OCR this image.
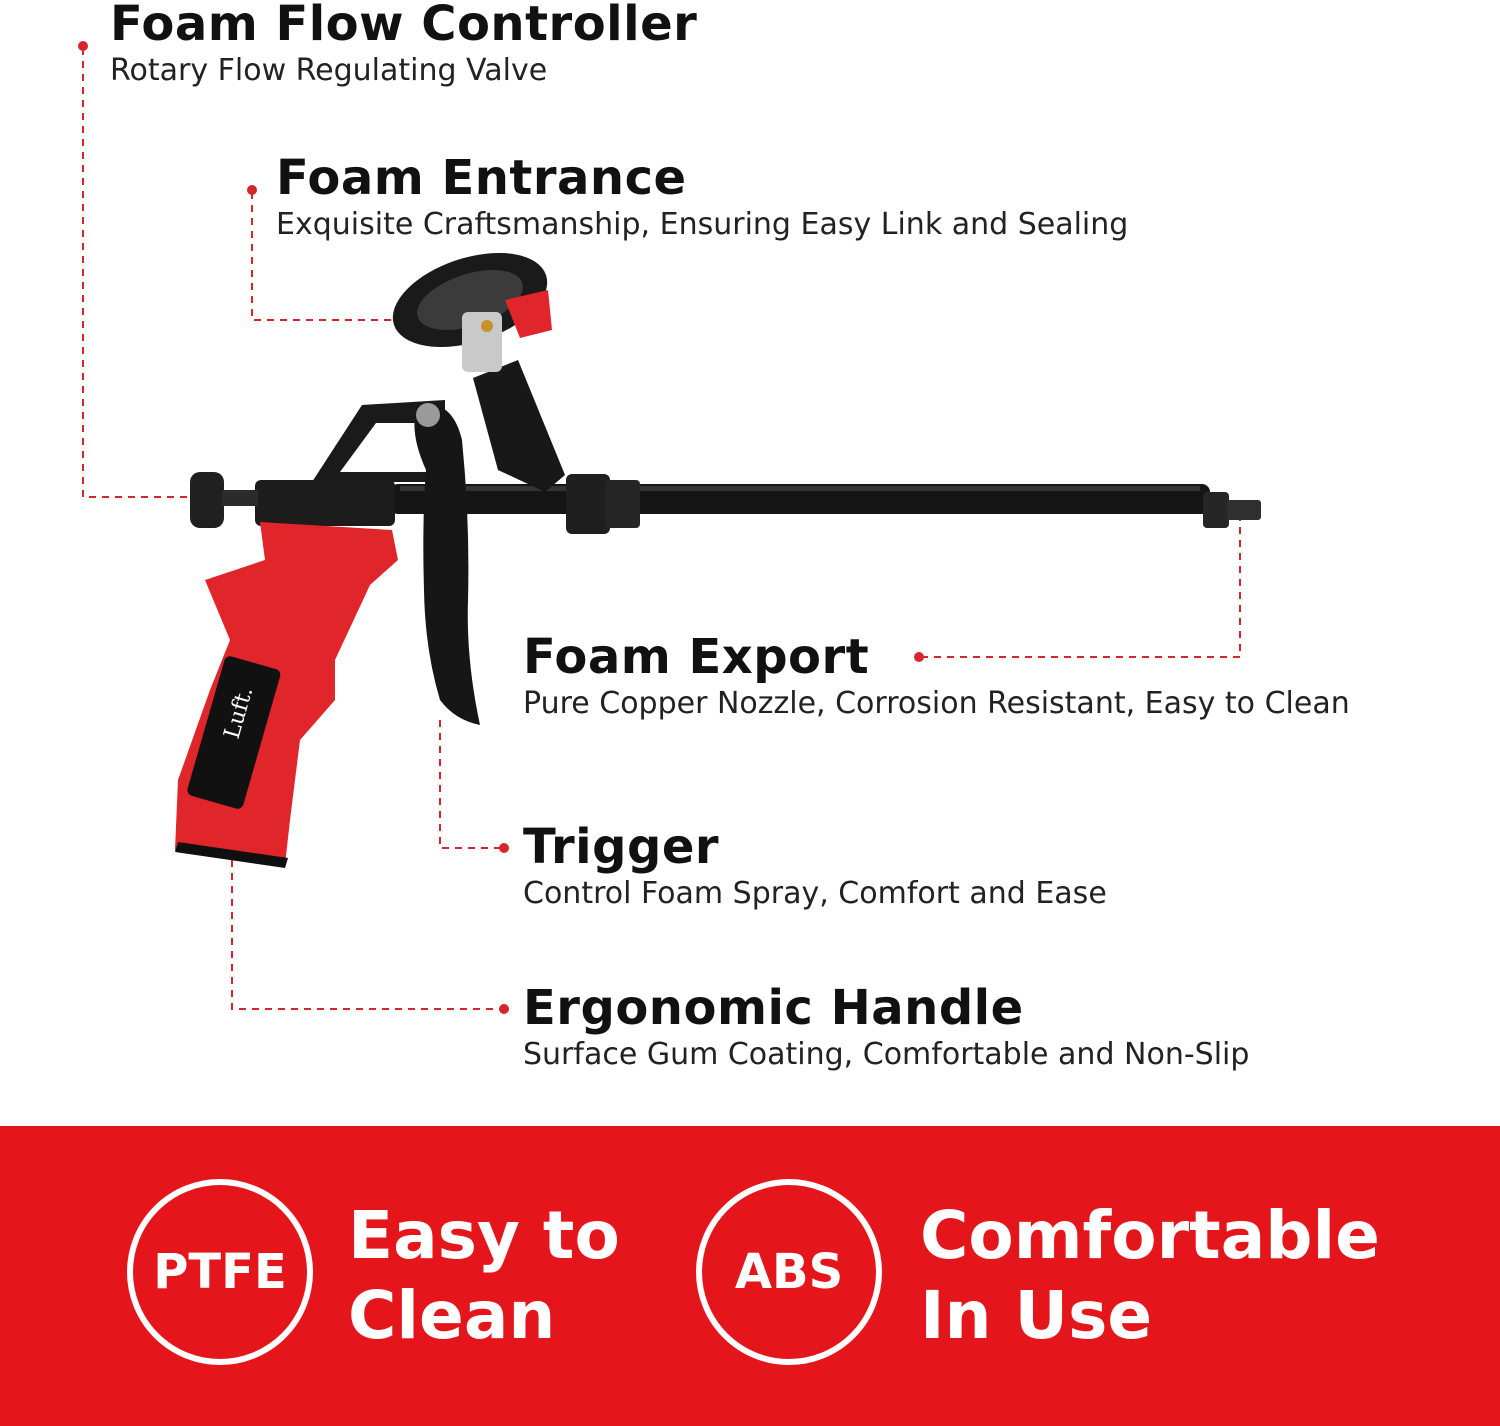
Luft.
Foam Flow Controller
Rotary Flow Regulating Valve
Foam Entrance
Exquisite Craftsmanship, Ensuring Easy Link and Sealing
Foam Export
Pure Copper Nozzle, Corrosion Resistant, Easy to Clean
Trigger
Control Foam Spray, Comfort and Ease
Ergonomic Handle
Surface Gum Coating, Comfortable and Non-Slip
PTFE Easy to
Clean
ABS Comfortable
In Use
